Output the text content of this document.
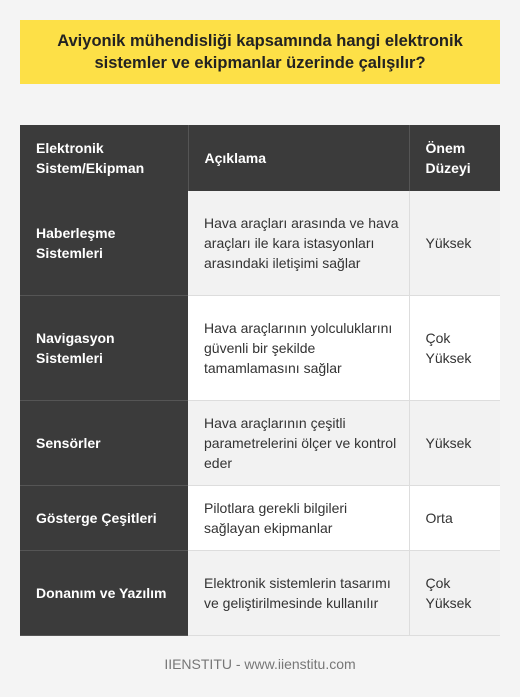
Aviyonik mühendisliği kapsamında hangi elektronik sistemler ve ekipmanlar üzerinde çalışılır?
Elektronik Sistem/Ekipman	Açıklama	Önem Düzeyi
Haberleşme Sistemleri	Hava araçları arasında ve hava araçları ile kara istasyonları arasındaki iletişimi sağlar	Yüksek
Navigasyon Sistemleri	Hava araçlarının yolculuklarını güvenli bir şekilde tamamlamasını sağlar	Çok Yüksek
Sensörler	Hava araçlarının çeşitli parametrelerini ölçer ve kontrol eder	Yüksek
Gösterge Çeşitleri	Pilotlara gerekli bilgileri sağlayan ekipmanlar	Orta
Donanım ve Yazılım	Elektronik sistemlerin tasarımı ve geliştirilmesinde kullanılır	Çok Yüksek
IIENSTITU - www.iienstitu.com
